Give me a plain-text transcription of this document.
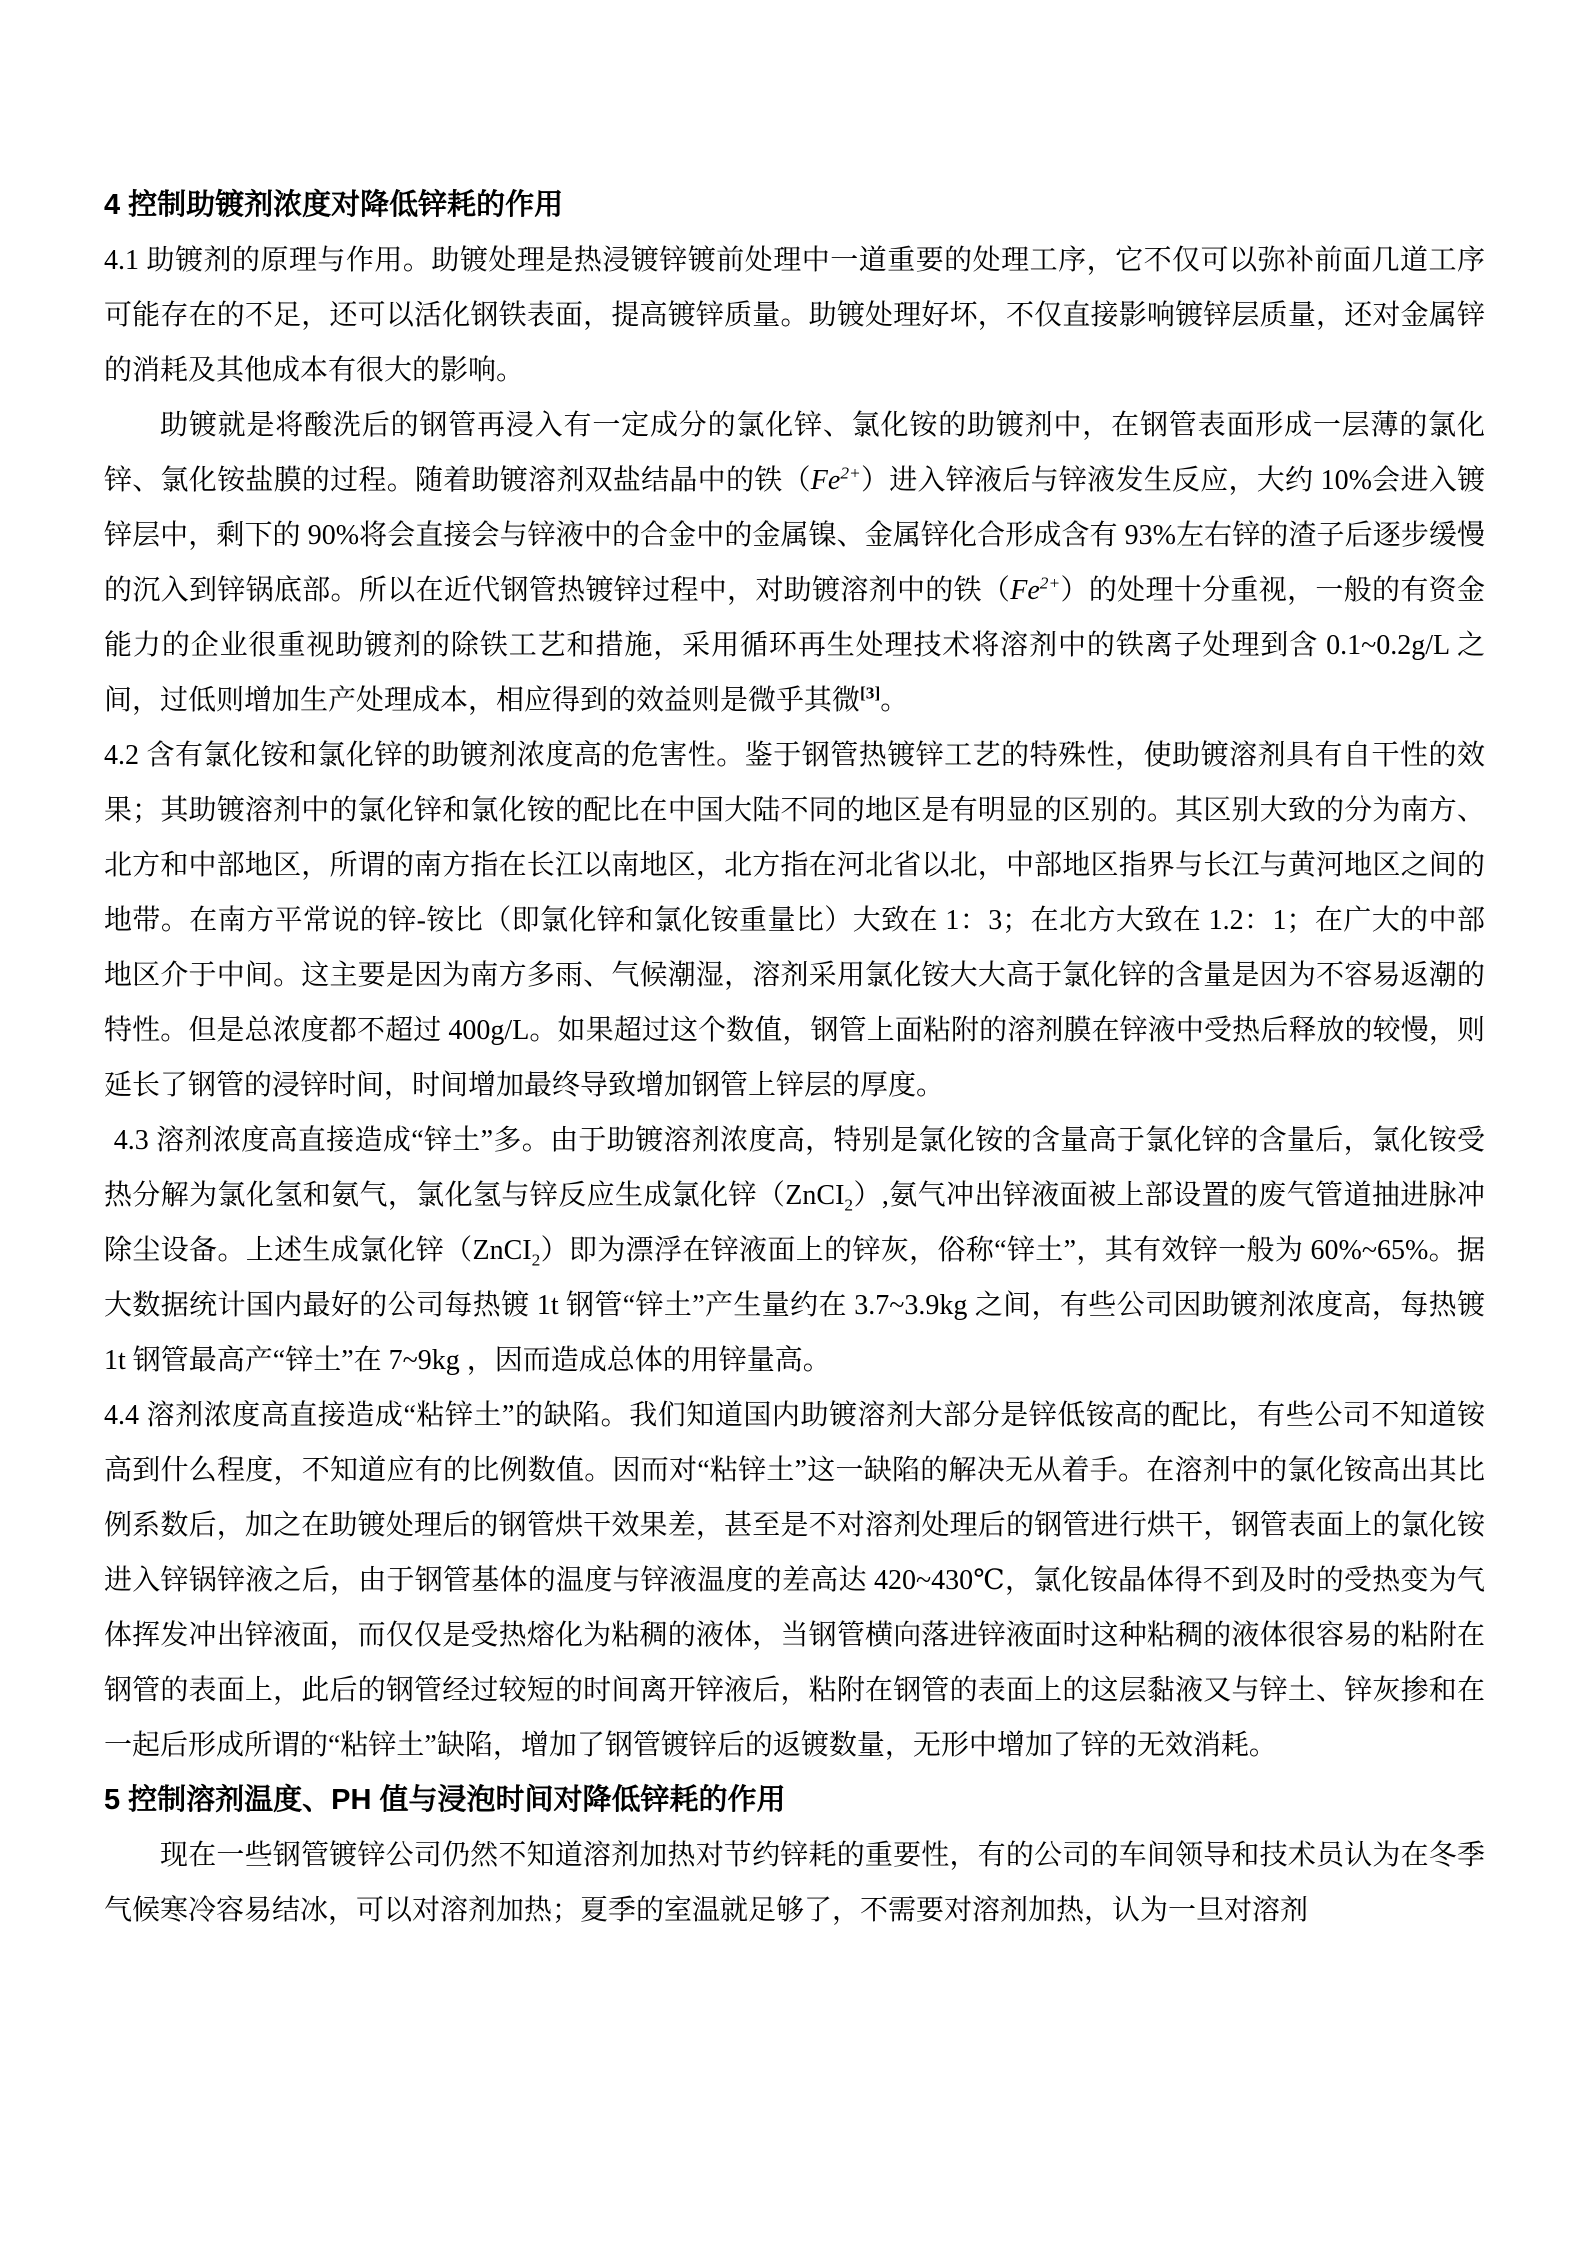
4 控制助镀剂浓度对降低锌耗的作用
4.1 助镀剂的原理与作用。助镀处理是热浸镀锌镀前处理中一道重要的处理工序，它不仅可以弥补前面几道工序可能存在的不足，还可以活化钢铁表面，提高镀锌质量。助镀处理好坏，不仅直接影响镀锌层质量，还对金属锌的消耗及其他成本有很大的影响。
助镀就是将酸洗后的钢管再浸入有一定成分的氯化锌、氯化铵的助镀剂中，在钢管表面形成一层薄的氯化锌、氯化铵盐膜的过程。随着助镀溶剂双盐结晶中的铁$(Fe^{2+})$进入锌液后与锌液发生反应，大约 10%会进入镀锌层中，剩下的 90%将会直接会与锌液中的合金中的金属镍、金属锌化合形成含有 93%左右锌的渣子后逐步缓慢的沉入到锌锅底部。所以在近代钢管热镀锌过程中，对助镀溶剂中的铁$(Fe^{2+})$的处理十分重视，一般的有资金能力的企业很重视助镀剂的除铁工艺和措施，采用循环再生处理技术将溶剂中的铁离子处理到含 0.1~0.2g/L 之间，过低则增加生产处理成本，相应得到的效益则是微乎其微[3]。
4.2 含有氯化铵和氯化锌的助镀剂浓度高的危害性。鉴于钢管热镀锌工艺的特殊性，使助镀溶剂具有自干性的效果；其助镀溶剂中的氯化锌和氯化铵的配比在中国大陆不同的地区是有明显的区别的。其区别大致的分为南方、北方和中部地区，所谓的南方指在长江以南地区，北方指在河北省以北，中部地区指界与长江与黄河地区之间的地带。在南方平常说的锌-铵比（即氯化锌和氯化铵重量比）大致在 1：3；在北方大致在 1.2：1；在广大的中部地区介于中间。这主要是因为南方多雨、气候潮湿，溶剂采用氯化铵大大高于氯化锌的含量是因为不容易返潮的特性。但是总浓度都不超过 400g/L。如果超过这个数值，钢管上面粘附的溶剂膜在锌液中受热后释放的较慢，则延长了钢管的浸锌时间，时间增加最终导致增加钢管上锌层的厚度。
4.3 溶剂浓度高直接造成“锌土”多。由于助镀溶剂浓度高，特别是氯化铵的含量高于氯化锌的含量后，氯化铵受热分解为氯化氢和氨气，氯化氢与锌反应生成氯化锌（ZnCI$_2$）,氨气冲出锌液面被上部设置的废气管道抽进脉冲除尘设备。上述生成氯化锌（ZnCI$_2$）即为漂浮在锌液面上的锌灰，俗称“锌土”，其有效锌一般为 60%~65%。据大数据统计国内最好的公司每热镀 1t 钢管“锌土”产生量约在 3.7~3.9kg 之间，有些公司因助镀剂浓度高，每热镀 1t 钢管最高产“锌土”在 7~9kg ，因而造成总体的用锌量高。
4.4 溶剂浓度高直接造成“粘锌土”的缺陷。我们知道国内助镀溶剂大部分是锌低铵高的配比，有些公司不知道铵高到什么程度，不知道应有的比例数值。因而对“粘锌土”这一缺陷的解决无从着手。在溶剂中的氯化铵高出其比例系数后，加之在助镀处理后的钢管烘干效果差，甚至是不对溶剂处理后的钢管进行烘干，钢管表面上的氯化铵进入锌锅锌液之后，由于钢管基体的温度与锌液温度的差高达 420~430℃，氯化铵晶体得不到及时的受热变为气体挥发冲出锌液面，而仅仅是受热熔化为粘稠的液体，当钢管横向落进锌液面时这种粘稠的液体很容易的粘附在钢管的表面上，此后的钢管经过较短的时间离开锌液后，粘附在钢管的表面上的这层黏液又与锌土、锌灰掺和在一起后形成所谓的“粘锌土”缺陷，增加了钢管镀锌后的返镀数量，无形中增加了锌的无效消耗。
5 控制溶剂温度、PH 值与浸泡时间对降低锌耗的作用
现在一些钢管镀锌公司仍然不知道溶剂加热对节约锌耗的重要性，有的公司的车间领导和技术员认为在冬季气候寒冷容易结冰，可以对溶剂加热；夏季的室温就足够了，不需要对溶剂加热，认为一旦对溶剂
